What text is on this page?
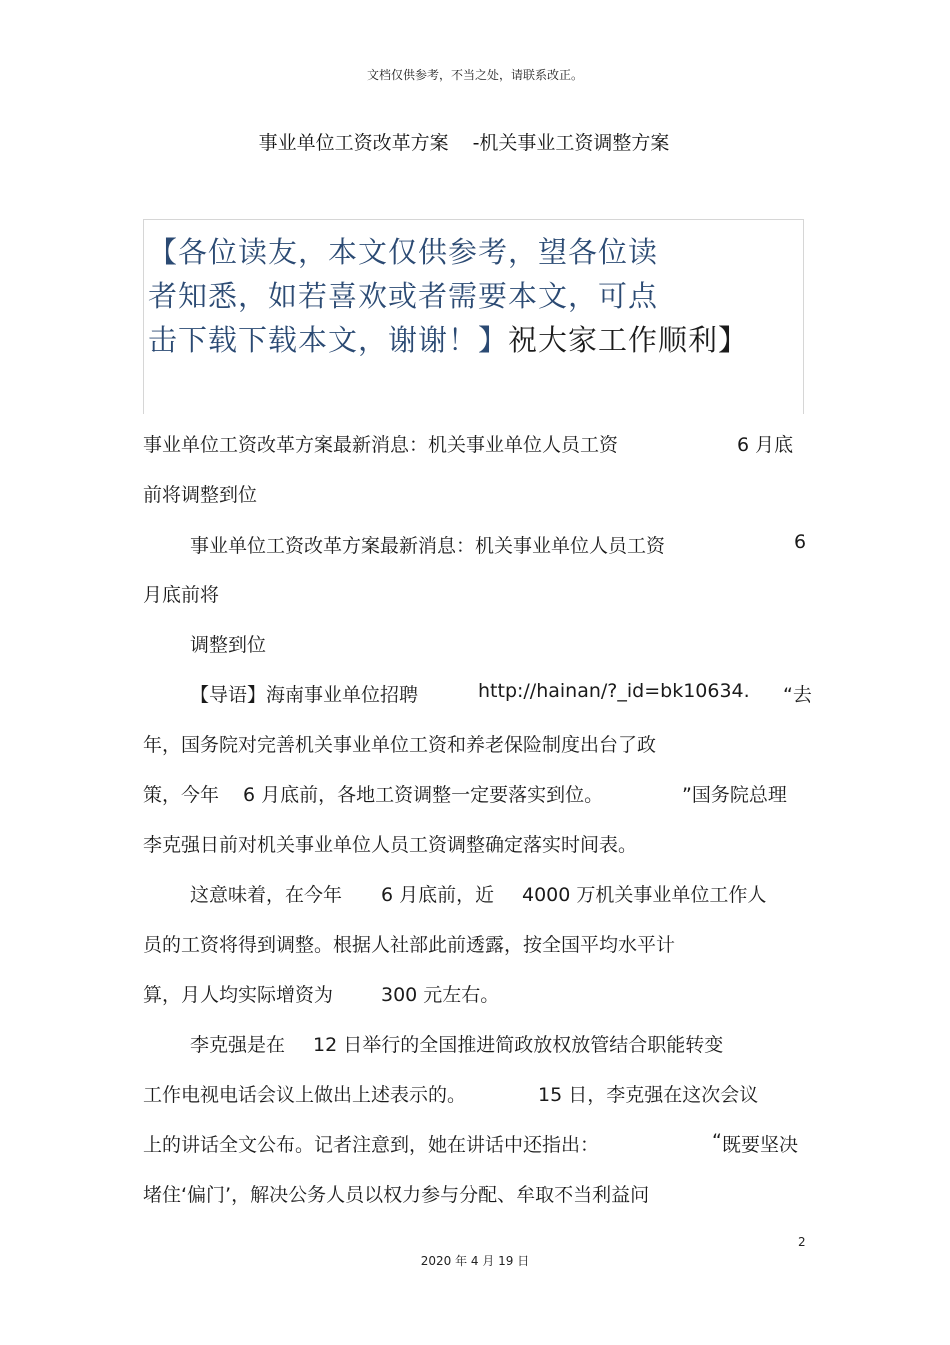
文档仅供参考，不当之处，请联系改正。
事业单位工资改革方案 -机关事业工资调整方案
【各位读友，本文仅供参考，望各位读
者知悉，如若喜欢或者需要本文，可点
击下载下载本文，谢谢！】祝大家工作顺利】
事业单位工资改革方案最新消息：机关事业单位人员工资	6 月底
前将调整到位
事业单位工资改革方案最新消息：机关事业单位人员工资	6
月底前将
调整到位
【导语】海南事业单位招聘	http://hainan/?_id=bk10634. “去
年，国务院对完善机关事业单位工资和养老保险制度出台了政
策，今年 6 月底前，各地工资调整一定要落实到位。	”国务院总理
李克强日前对机关事业单位人员工资调整确定落实时间表。
这意味着，在今年 6 月底前，近 4000 万机关事业单位工作人
员的工资将得到调整。根据人社部此前透露，按全国平均水平计
算，月人均实际增资为	300 元左右。
李克强是在 12 日举行的全国推进简政放权放管结合职能转变
工作电视电话会议上做出上述表示的。	15 日，李克强在这次会议
上的讲话全文公布。记者注意到，她在讲话中还指出：	“ 既要坚决
堵住‘偏门’，解决公务人员以权力参与分配、牟取不当利益问
2
2020 年 4 月 19 日
